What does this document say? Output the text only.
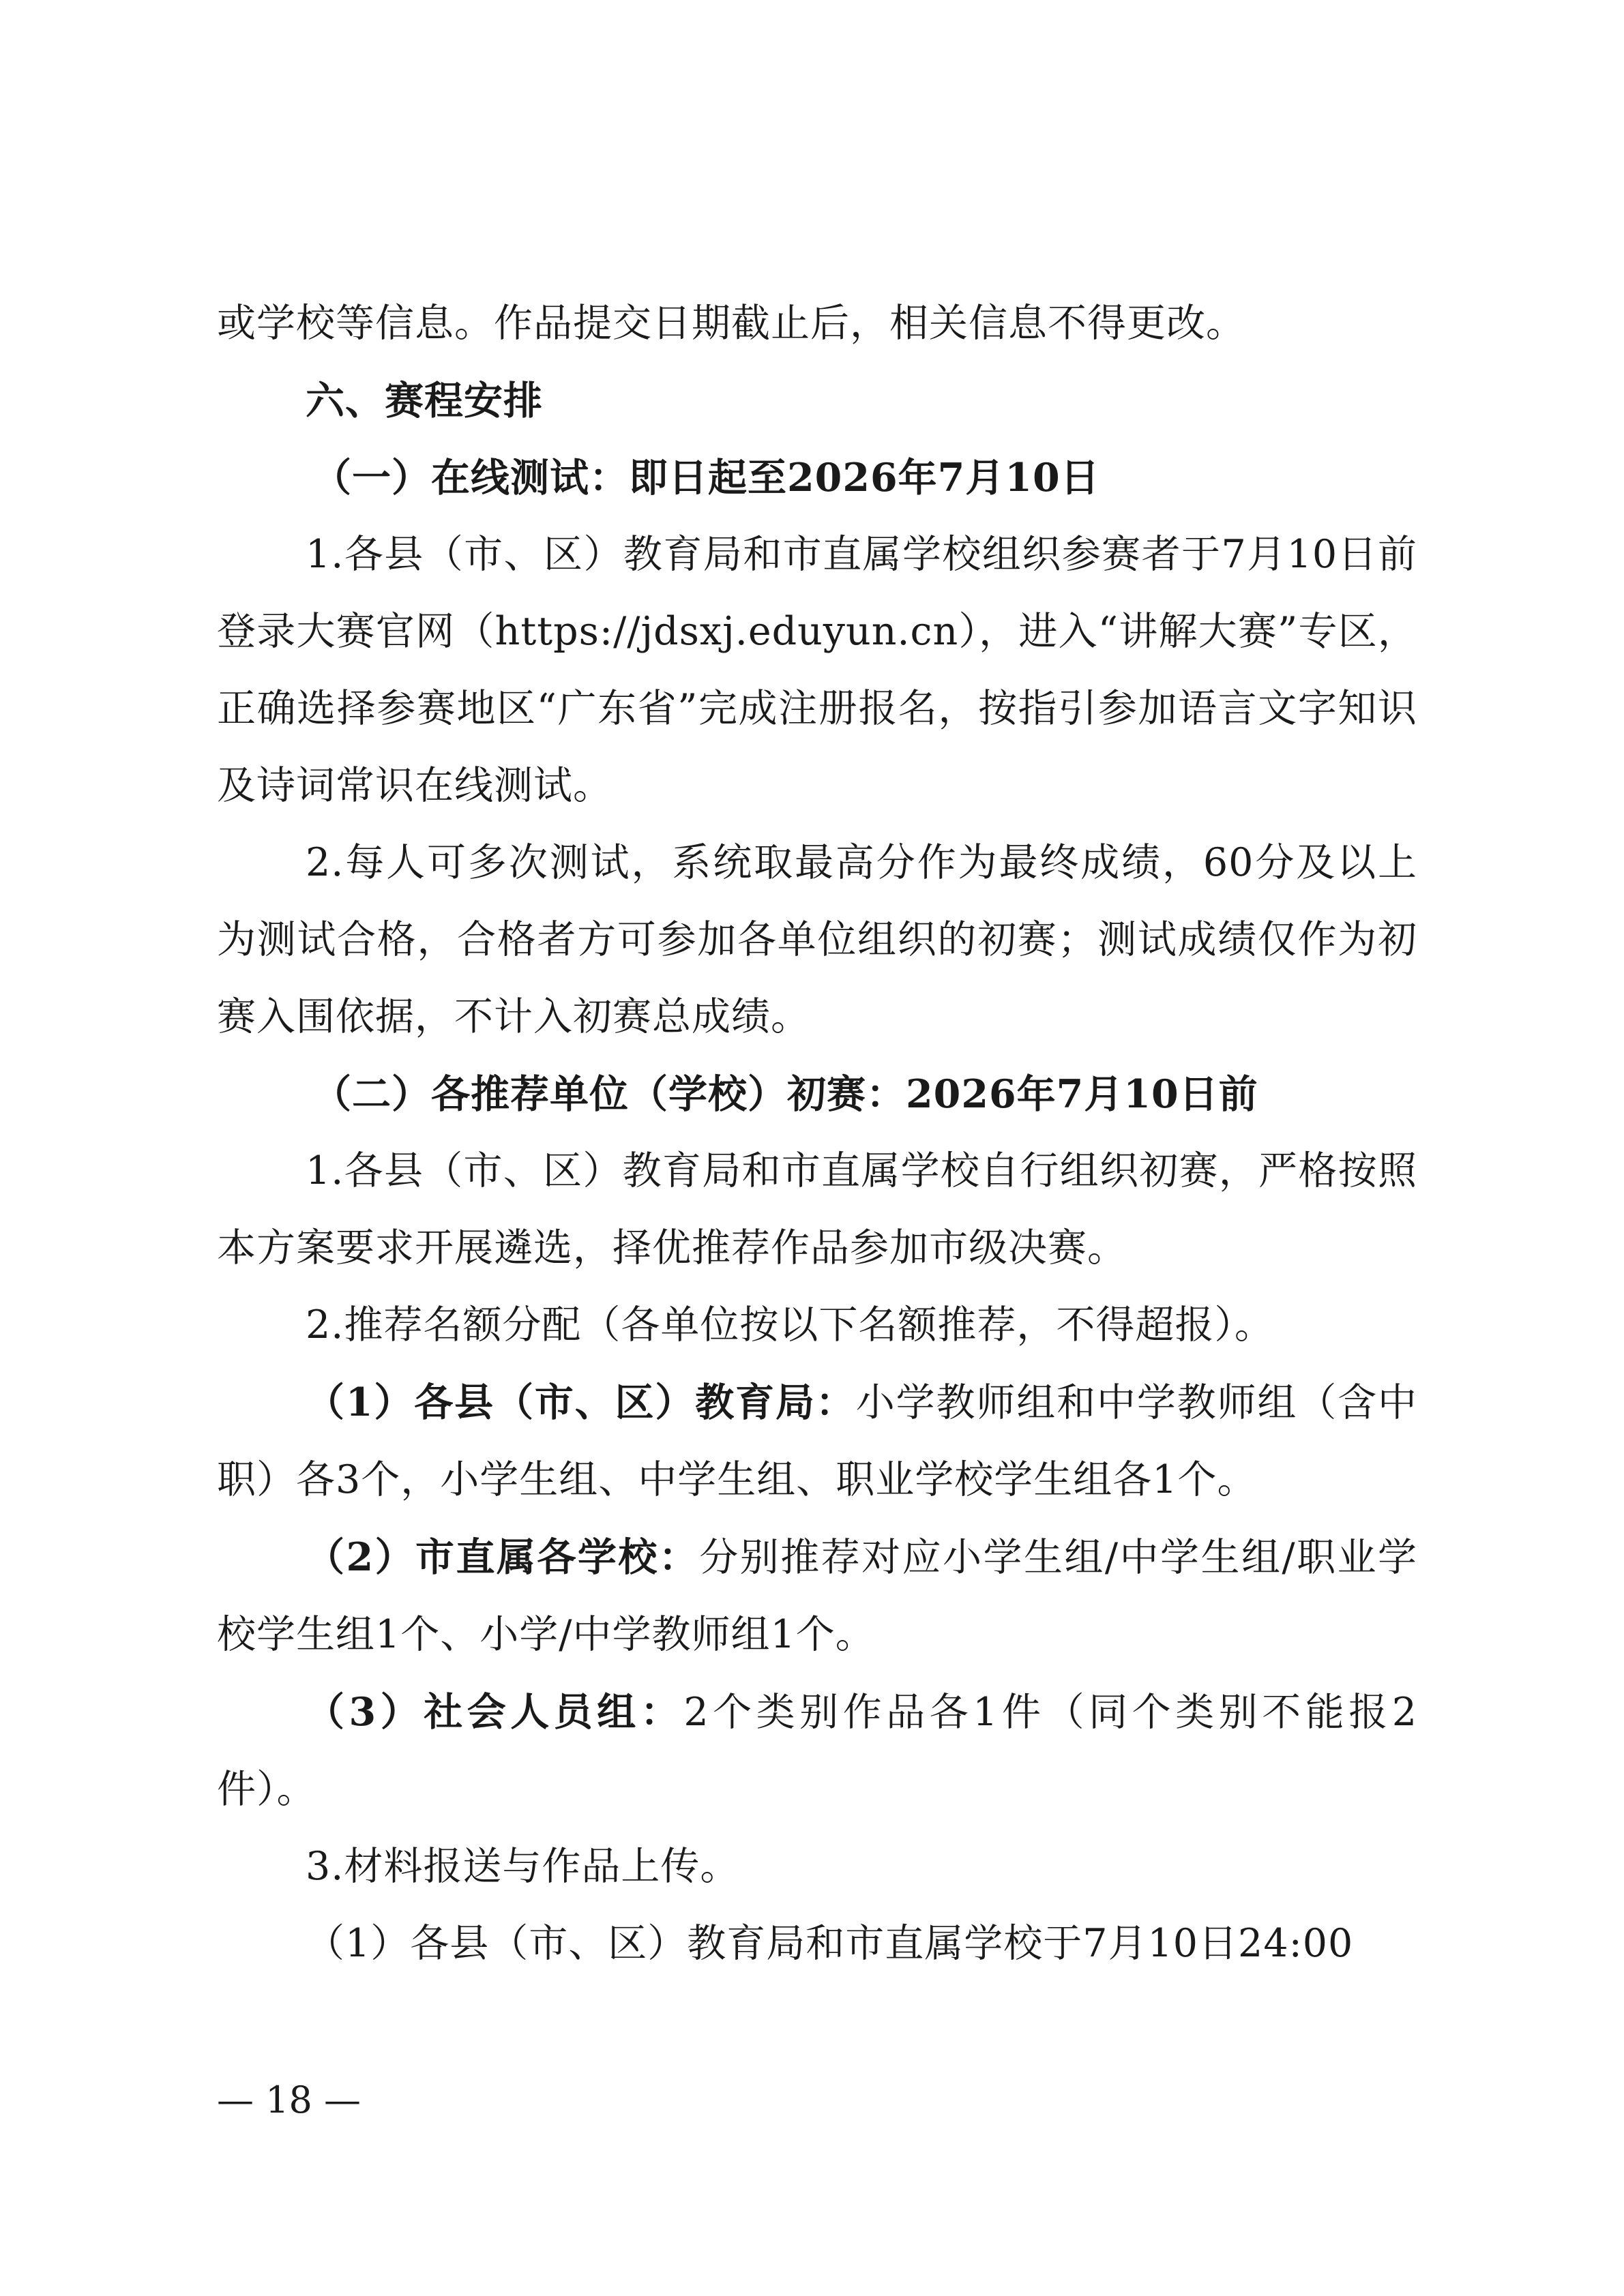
或学校等信息。作品提交日期截止后，相关信息不得更改。

六、赛程安排

（一）在线测试：即日起至2026年7月10日

1.各县（市、区）教育局和市直属学校组织参赛者于7月10日前登录大赛官网（https://jdsxj.eduyun.cn），进入“讲解大赛”专区，正确选择参赛地区“广东省”完成注册报名，按指引参加语言文字知识及诗词常识在线测试。

2.每人可多次测试，系统取最高分作为最终成绩，60分及以上为测试合格，合格者方可参加各单位组织的初赛；测试成绩仅作为初赛入围依据，不计入初赛总成绩。

（二）各推荐单位（学校）初赛：2026年7月10日前

1.各县（市、区）教育局和市直属学校自行组织初赛，严格按照本方案要求开展遴选，择优推荐作品参加市级决赛。

2.推荐名额分配（各单位按以下名额推荐，不得超报）。

（1）各县（市、区）教育局：小学教师组和中学教师组（含中职）各3个，小学生组、中学生组、职业学校学生组各1个。

（2）市直属各学校：分别推荐对应小学生组/中学生组/职业学校学生组1个、小学/中学教师组1个。

（3）社会人员组：2个类别作品各1件（同个类别不能报2件）。

3.材料报送与作品上传。

（1）各县（市、区）教育局和市直属学校于7月10日24:00

— 18 —
